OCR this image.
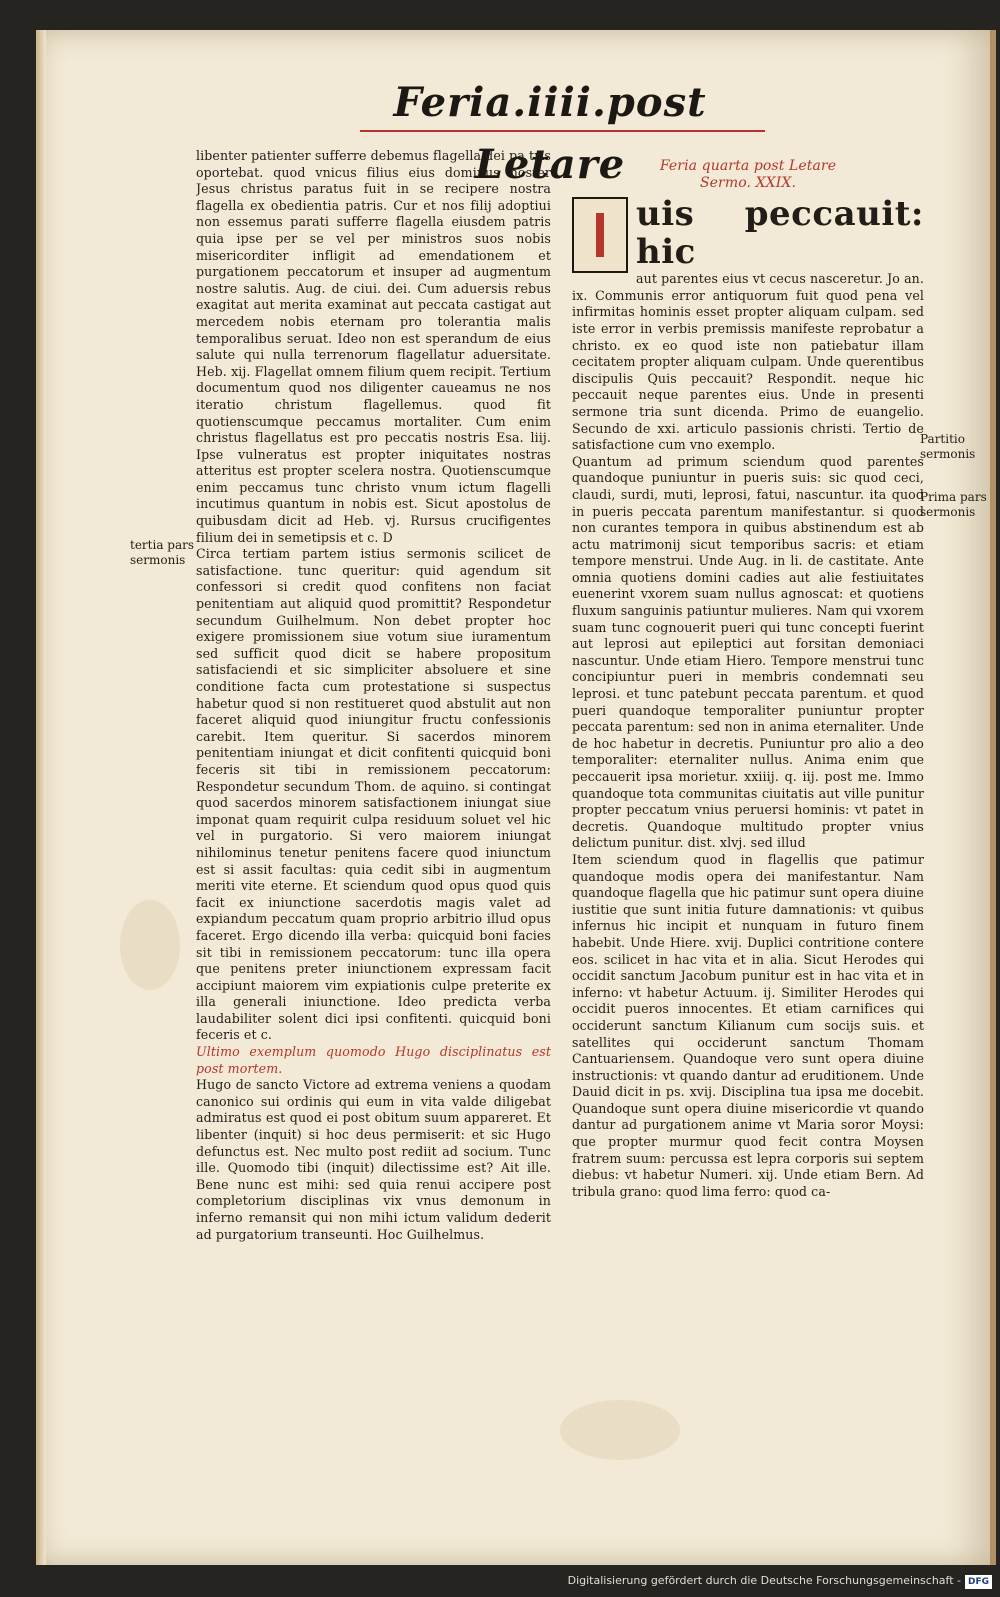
Feria.iiii.post Letare
tertia pars sermonis

libenter patienter sufferre debemus flagella dei pa tris oportebat. quod vnicus filius eius dominus noster Jesus christus paratus fuit in se recipere nostra flagella ex obedientia patris. Cur et nos filij adoptiui non essemus parati sufferre flagella eiusdem patris quia ipse per se vel per ministros suos nobis misericorditer infligit ad emendationem et purgationem peccatorum et insuper ad augmentum nostre salutis. Aug. de ciui. dei. Cum aduersis rebus exagitat aut merita examinat aut peccata castigat aut mercedem nobis eternam pro tolerantia malis temporalibus seruat. Ideo non est sperandum de eius salute qui nulla terrenorum flagellatur aduersitate. Heb. xij. Flagellat omnem filium quem recipit. Tertium documentum quod nos diligenter caueamus ne nos iteratio christum flagellemus. quod fit quotienscumque peccamus mortaliter. Cum enim christus flagellatus est pro peccatis nostris Esa. liij. Ipse vulneratus est propter iniquitates nostras atteritus est propter scelera nostra. Quotienscumque enim peccamus tunc christo vnum ictum flagelli incutimus quantum in nobis est. Sicut apostolus de quibusdam dicit ad Heb. vj. Rursus crucifigentes filium dei in semetipsis et c. D

Circa tertiam partem istius sermonis scilicet de satisfactione. tunc queritur: quid agendum sit confessori si credit quod confitens non faciat penitentiam aut aliquid quod promittit? Respondetur secundum Guilhelmum. Non debet propter hoc exigere promissionem siue votum siue iuramentum sed sufficit quod dicit se habere propositum satisfaciendi et sic simpliciter absoluere et sine conditione facta cum protestatione si suspectus habetur quod si non restitueret quod abstulit aut non faceret aliquid quod iniungitur fructu confessionis carebit. Item queritur. Si sacerdos minorem penitentiam iniungat et dicit confitenti quicquid boni feceris sit tibi in remissionem peccatorum: Respondetur secundum Thom. de aquino. si contingat quod sacerdos minorem satisfactionem iniungat siue imponat quam requirit culpa residuum soluet vel hic vel in purgatorio. Si vero maiorem iniungat nihilominus tenetur penitens facere quod iniunctum est si assit facultas: quia cedit sibi in augmentum meriti vite eterne. Et sciendum quod opus quod quis facit ex iniunctione sacerdotis magis valet ad expiandum peccatum quam proprio arbitrio illud opus faceret. Ergo dicendo illa verba: quicquid boni facies sit tibi in remissionem peccatorum: tunc illa opera que penitens preter iniunctionem expressam facit accipiunt maiorem vim expiationis culpe preterite ex illa generali iniunctione. Ideo predicta verba laudabiliter solent dici ipsi confitenti. quicquid boni feceris et c.

Ultimo exemplum quomodo Hugo disciplinatus est post mortem.

Hugo de sancto Victore ad extrema veniens a quodam canonico sui ordinis qui eum in vita valde diligebat admiratus est quod ei post obitum suum appareret. Et libenter (inquit) si hoc deus permiserit: et sic Hugo defunctus est. Nec multo post rediit ad socium. Tunc ille. Quomodo tibi (inquit) dilectissime est? Ait ille. Bene nunc est mihi: sed quia renui accipere post completorium disciplinas vix vnus demonum in inferno remansit qui non mihi ictum validum dederit ad purgatorium transeunti. Hoc Guilhelmus.

Feria quarta post Letare
Sermo. XXIX.
uis peccauit: hic

aut parentes eius vt cecus nasceretur. Jo an. ix. Communis error antiquorum fuit quod pena vel infirmitas hominis esset propter aliquam culpam. sed iste error in verbis premissis manifeste reprobatur a christo. ex eo quod iste non patiebatur illam cecitatem propter aliquam culpam. Unde querentibus discipulis Quis peccauit? Respondit. neque hic peccauit neque parentes eius. Unde in presenti sermone tria sunt dicenda. Primo de euangelio. Secundo de xxi. articulo passionis christi. Tertio de satisfactione cum vno exemplo.

Quantum ad primum sciendum quod parentes quandoque puniuntur in pueris suis: sic quod ceci, claudi, surdi, muti, leprosi, fatui, nascuntur. ita quod in pueris peccata parentum manifestantur. si quod non curantes tempora in quibus abstinendum est ab actu matrimonij sicut temporibus sacris: et etiam tempore menstrui. Unde Aug. in li. de castitate. Ante omnia quotiens domini cadies aut alie festiuitates euenerint vxorem suam nullus agnoscat: et quotiens fluxum sanguinis patiuntur mulieres. Nam qui vxorem suam tunc cognouerit pueri qui tunc concepti fuerint aut leprosi aut epileptici aut forsitan demoniaci nascuntur. Unde etiam Hiero. Tempore menstrui tunc concipiuntur pueri in membris condemnati seu leprosi. et tunc patebunt peccata parentum. et quod pueri quandoque temporaliter puniuntur propter peccata parentum: sed non in anima eternaliter. Unde de hoc habetur in decretis. Puniuntur pro alio a deo temporaliter: eternaliter nullus. Anima enim que peccauerit ipsa morietur. xxiiij. q. iij. post me. Immo quandoque tota communitas ciuitatis aut ville punitur propter peccatum vnius peruersi hominis: vt patet in decretis. Quandoque multitudo propter vnius delictum punitur. dist. xlvj. sed illud

Item sciendum quod in flagellis que patimur quandoque modis opera dei manifestantur. Nam quandoque flagella que hic patimur sunt opera diuine iustitie que sunt initia future damnationis: vt quibus infernus hic incipit et nunquam in futuro finem habebit. Unde Hiere. xvij. Duplici contritione contere eos. scilicet in hac vita et in alia. Sicut Herodes qui occidit sanctum Jacobum punitur est in hac vita et in inferno: vt habetur Actuum. ij. Similiter Herodes qui occidit pueros innocentes. Et etiam carnifices qui occiderunt sanctum Kilianum cum socijs suis. et satellites qui occiderunt sanctum Thomam Cantuariensem. Quandoque vero sunt opera diuine instructionis: vt quando dantur ad eruditionem. Unde Dauid dicit in ps. xvij. Disciplina tua ipsa me docebit. Quandoque sunt opera diuine misericordie vt quando dantur ad purgationem anime vt Maria soror Moysi: que propter murmur quod fecit contra Moysen fratrem suum: percussa est lepra corporis sui septem diebus: vt habetur Numeri. xij. Unde etiam Bern. Ad tribula grano: quod lima ferro: quod ca-

Partitio sermonis
Prima pars sermonis
Digitalisierung gefördert durch die Deutsche Forschungsgemeinschaft - DFG
